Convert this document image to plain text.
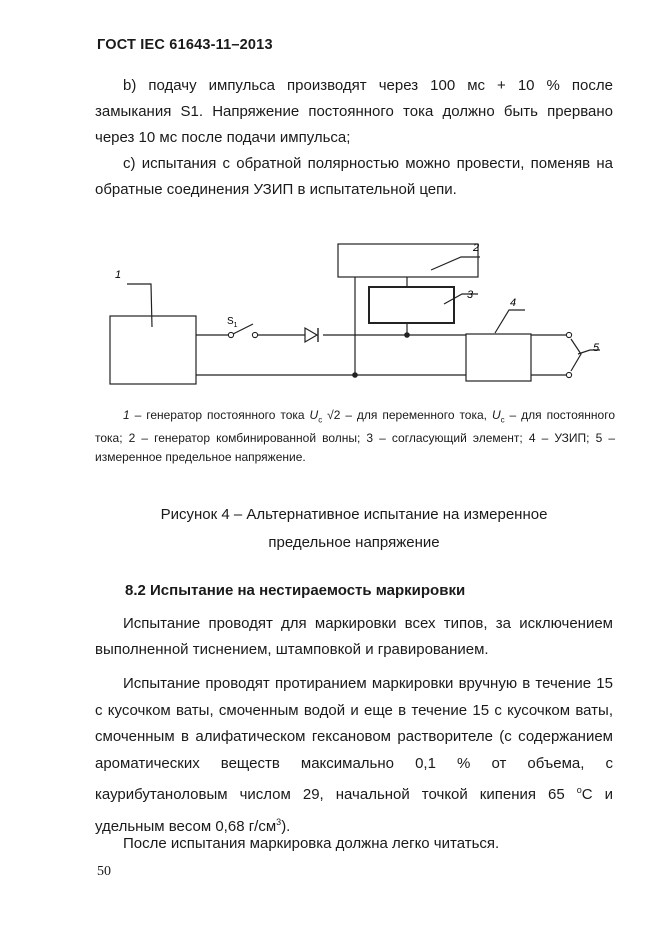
ГОСТ IEC 61643-11–2013
b) подачу импульса производят через 100 мс + 10 % после замыкания S1. Напряжение постоянного тока должно быть прервано через 10 мс после подачи импульса;
c) испытания с обратной полярностью можно провести, поменяв на обратные соединения УЗИП в испытательной цепи.
1
2
3
4
5
$S_1$
1 – генератор постоянного тока $U_c$ √2 – для переменного тока, $U_c$ – для постоянного тока; 2 – генератор комбинированной волны; 3 – согласующий элемент; 4 – УЗИП; 5 – измеренное предельное напряжение.
Рисунок 4 – Альтернативное испытание на измеренное
предельное напряжение
8.2 Испытание на нестираемость маркировки
Испытание проводят для маркировки всех типов, за исключением выполненной тиснением, штамповкой и гравированием.
Испытание проводят протиранием маркировки вручную в течение 15 с кусочком ваты, смоченным водой и еще в течение 15 с кусочком ваты, смоченным в алифатическом гексановом растворителе (с содержанием ароматических веществ максимально 0,1 % от объема, с каурибутаноловым числом 29, начальной точкой кипения 65 $^o$C и удельным весом 0,68 $г/см^3$).
После испытания маркировка должна легко читаться.
50
